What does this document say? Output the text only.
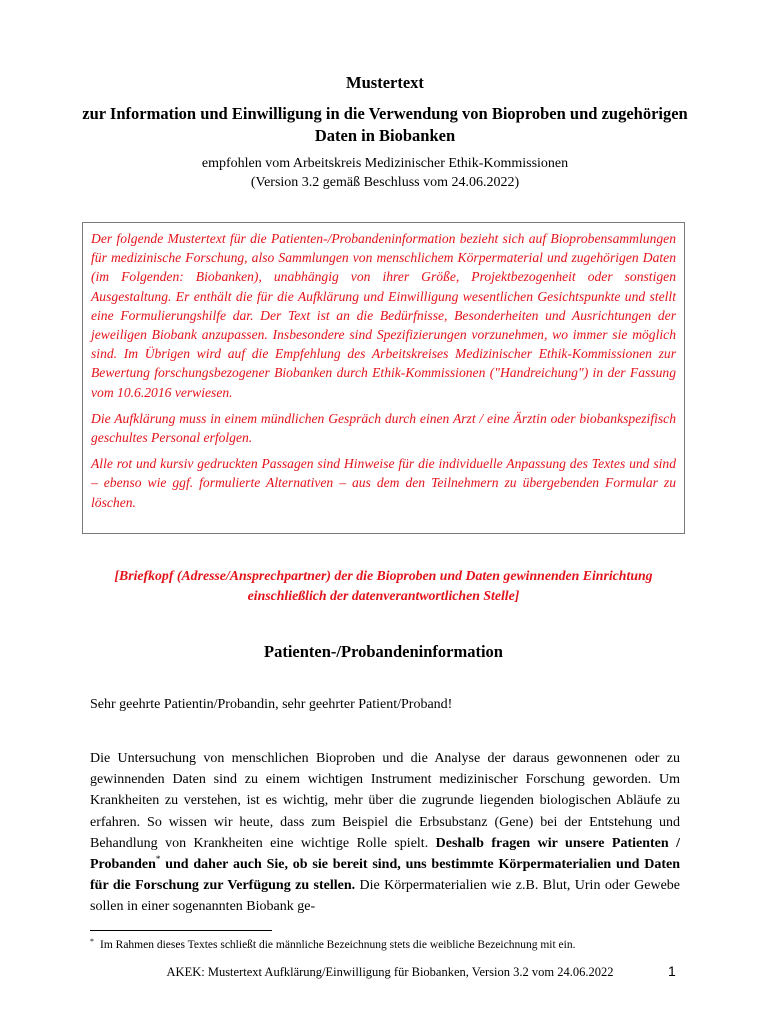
Mustertext
zur Information und Einwilligung in die Verwendung von Bioproben und zugehörigen Daten in Biobanken
empfohlen vom Arbeitskreis Medizinischer Ethik-Kommissionen
(Version 3.2 gemäß Beschluss vom 24.06.2022)

Der folgende Mustertext für die Patienten-/Probandeninformation bezieht sich auf Bioprobensammlungen für medizinische Forschung, also Sammlungen von menschlichem Körpermaterial und zugehörigen Daten (im Folgenden: Biobanken), unabhängig von ihrer Größe, Projektbezogenheit oder sonstigen Ausgestaltung. Er enthält die für die Aufklärung und Einwilligung wesentlichen Gesichtspunkte und stellt eine Formulierungshilfe dar. Der Text ist an die Bedürfnisse, Besonderheiten und Ausrichtungen der jeweiligen Biobank anzupassen. Insbesondere sind Spezifizierungen vorzunehmen, wo immer sie möglich sind. Im Übrigen wird auf die Empfehlung des Arbeitskreises Medizinischer Ethik-Kommissionen zur Bewertung forschungsbezogener Biobanken durch Ethik-Kommissionen ("Handreichung") in der Fassung vom 10.6.2016 verwiesen.

Die Aufklärung muss in einem mündlichen Gespräch durch einen Arzt / eine Ärztin oder biobankspezifisch geschultes Personal erfolgen.

Alle rot und kursiv gedruckten Passagen sind Hinweise für die individuelle Anpassung des Textes und sind – ebenso wie ggf. formulierte Alternativen – aus dem den Teilnehmern zu übergebenden Formular zu löschen.

[Briefkopf (Adresse/Ansprechpartner) der die Bioproben und Daten gewinnenden Einrichtung einschließlich der datenverantwortlichen Stelle]
Patienten-/Probandeninformation
Sehr geehrte Patientin/Probandin, sehr geehrter Patient/Proband!
Die Untersuchung von menschlichen Bioproben und die Analyse der daraus gewonnenen oder zu gewinnenden Daten sind zu einem wichtigen Instrument medizinischer Forschung geworden. Um Krankheiten zu verstehen, ist es wichtig, mehr über die zugrunde liegenden biologischen Abläufe zu erfahren. So wissen wir heute, dass zum Beispiel die Erbsubstanz (Gene) bei der Entstehung und Behandlung von Krankheiten eine wichtige Rolle spielt. Deshalb fragen wir unsere Patienten / Probanden* und daher auch Sie, ob sie bereit sind, uns bestimmte Körpermaterialien und Daten für die Forschung zur Verfügung zu stellen. Die Körpermaterialien wie z.B. Blut, Urin oder Gewebe sollen in einer sogenannten Biobank ge-
* Im Rahmen dieses Textes schließt die männliche Bezeichnung stets die weibliche Bezeichnung mit ein.
AKEK: Mustertext Aufklärung/Einwilligung für Biobanken, Version 3.2 vom 24.06.2022	1
